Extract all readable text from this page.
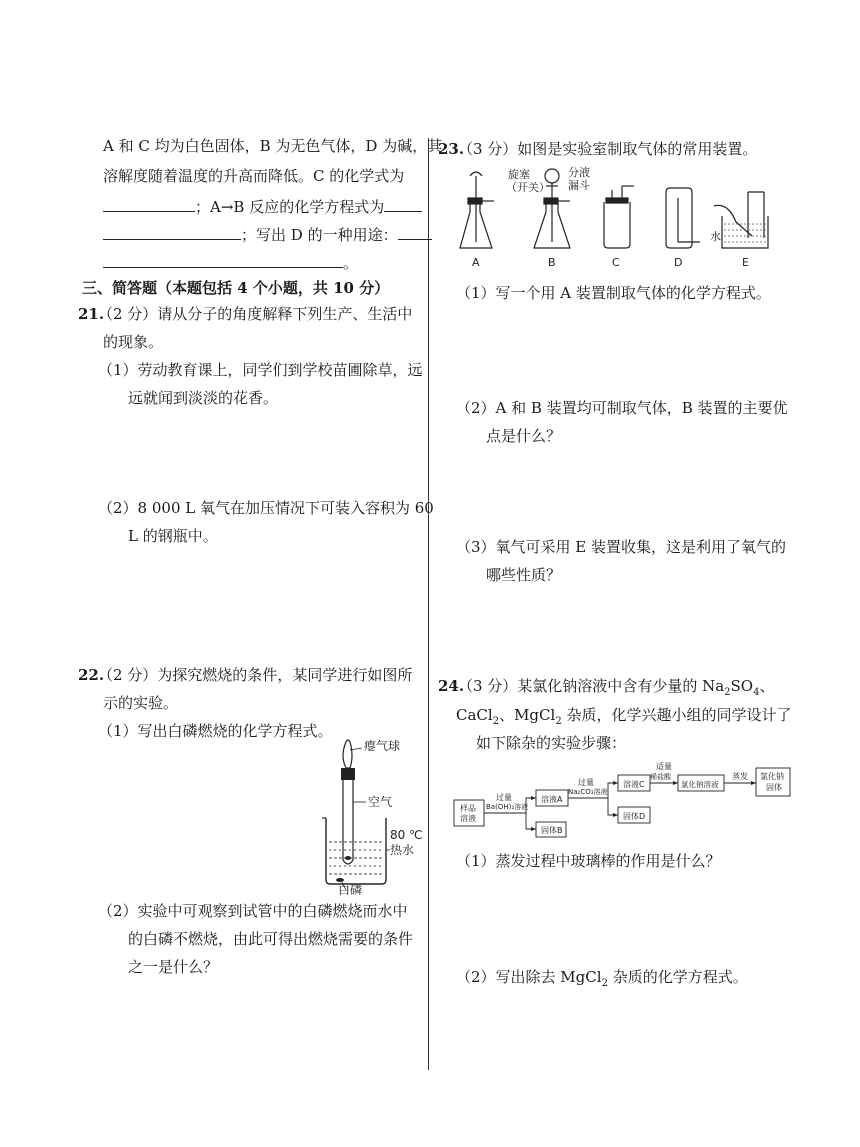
A 和 C 均为白色固体，B 为无色气体，D 为碱，其
溶解度随着温度的升高而降低。C 的化学式为
；A→B 反应的化学方程式为
；写出 D 的一种用途：
。
三、简答题（本题包括 4 个小题，共 10 分）
21.
（2 分）请从分子的角度解释下列生产、生活中
的现象。
（1）劳动教育课上，同学们到学校苗圃除草，远
远就闻到淡淡的花香。
（2）8 000 L 氧气在加压情况下可装入容积为 60
L 的钢瓶中。
22.
（2 分）为探究燃烧的条件，某同学进行如图所
示的实验。
（1）写出白磷燃烧的化学方程式。
瘪气球
空气
80 ℃
热水
白磷
（2）实验中可观察到试管中的白磷燃烧而水中
的白磷不燃烧，由此可得出燃烧需要的条件
之一是什么？
23.
（3 分）如图是实验室制取气体的常用装置。
A
旋塞
（开关）
分液
漏斗
B	C	D
水
E
（1）写一个用 A 装置制取气体的化学方程式。
（2）A 和 B 装置均可制取气体，B 装置的主要优
点是什么？
（3）氧气可采用 E 装置收集，这是利用了氧气的
哪些性质？
24.
（3 分）某氯化钠溶液中含有少量的 $Na_2SO_4$、
CaCl$_2$、MgCl$_2$ 杂质，化学兴趣小组的同学设计了
如下除杂的实验步骤：
样品
溶液
过量
Ba(OH)₂溶液
溶液A
固体B
过量
Na₂CO₃溶液
溶液C
固体D
适量
稀盐酸
氯化钠溶液
蒸发 氯化钠
固体
（1）蒸发过程中玻璃棒的作用是什么？
（2）写出除去 MgCl$_2$ 杂质的化学方程式。
